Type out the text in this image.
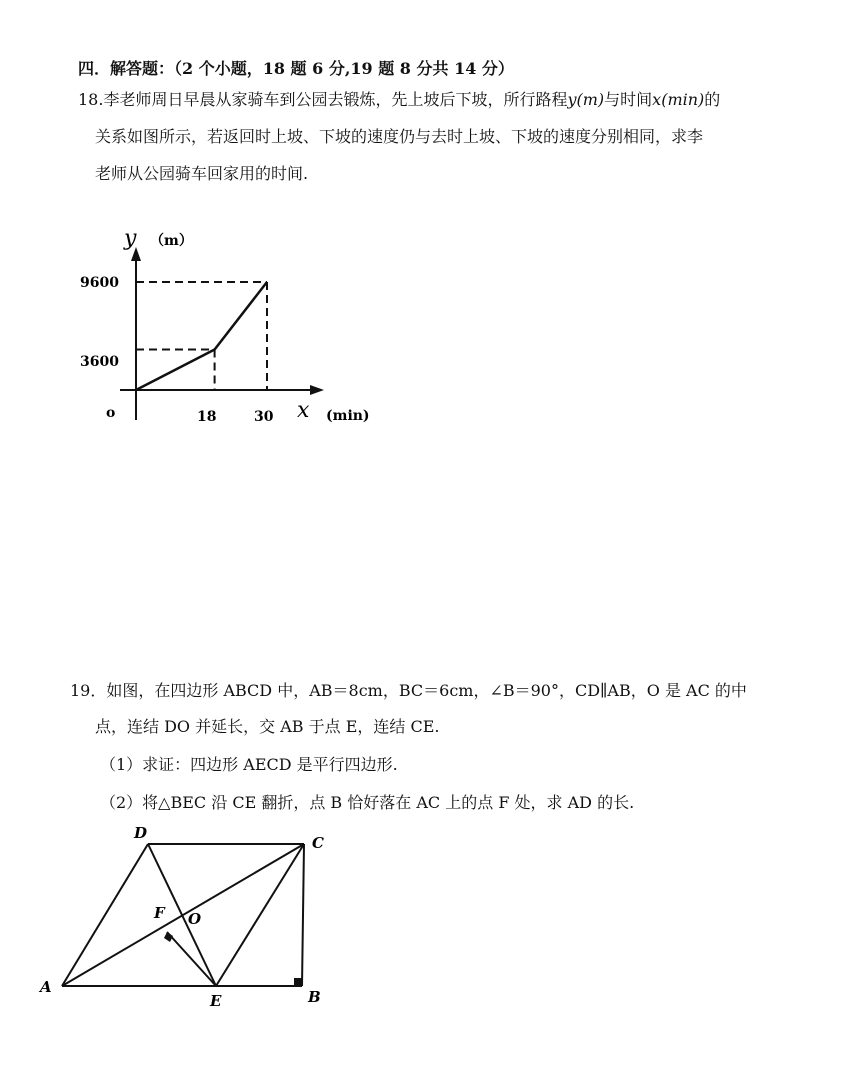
四．解答题：（2 个小题，18 题 6 分,19 题 8 分共 14 分）
18.李老师周日早晨从家骑车到公园去锻炼，先上坡后下坡，所行路程y(m)与时间x(min)的
关系如图所示，若返回时上坡、下坡的速度仍与去时上坡、下坡的速度分别相同，求李
老师从公园骑车回家用的时间.
y （m）
9600
3600
o	18	30 x (min)
19．如图，在四边形 ABCD 中，AB＝8cm，BC＝6cm，∠B＝90°，CD∥AB，O 是 AC 的中
点，连结 DO 并延长，交 AB 于点 E，连结 CE.
（1）求证：四边形 AECD 是平行四边形.
（2）将△BEC 沿 CE 翻折，点 B 恰好落在 AC 上的点 F 处，求 AD 的长.
D
C
A
B
E
F O
